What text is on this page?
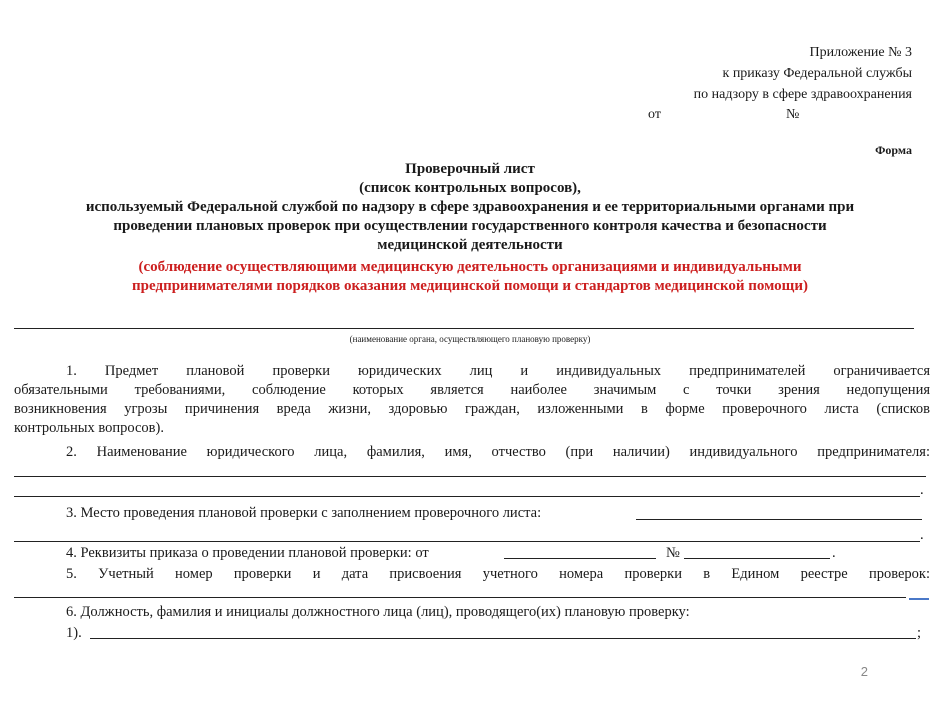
Приложение № 3
к приказу Федеральной службы
по надзору в сфере здравоохранения
от	№
Форма
Проверочный лист
(список контрольных вопросов),
используемый Федеральной службой по надзору в сфере здравоохранения и ее территориальными органами при
проведении плановых проверок при осуществлении государственного контроля качества и безопасности
медицинской деятельности
(соблюдение осуществляющими медицинскую деятельность организациями и индивидуальными
предпринимателями порядков оказания медицинской помощи и стандартов медицинской помощи)
(наименование органа, осуществляющего плановую проверку)
1. Предмет плановой проверки юридических лиц и индивидуальных предпринимателей ограничивается
обязательными требованиями, соблюдение которых является наиболее значимым с точки зрения недопущения
возникновения угрозы причинения вреда жизни, здоровью граждан, изложенными в форме проверочного листа (списков
контрольных вопросов).
2. Наименование юридического лица, фамилия, имя, отчество (при наличии) индивидуального предпринимателя:
.
3. Место проведения плановой проверки с заполнением проверочного листа:
.
4. Реквизиты приказа о проведении плановой проверки: от	№	.
5. Учетный номер проверки и дата присвоения учетного номера проверки в Едином реестре проверок:
6. Должность, фамилия и инициалы должностного лица (лиц), проводящего(их) плановую проверку:
1).	;
2
